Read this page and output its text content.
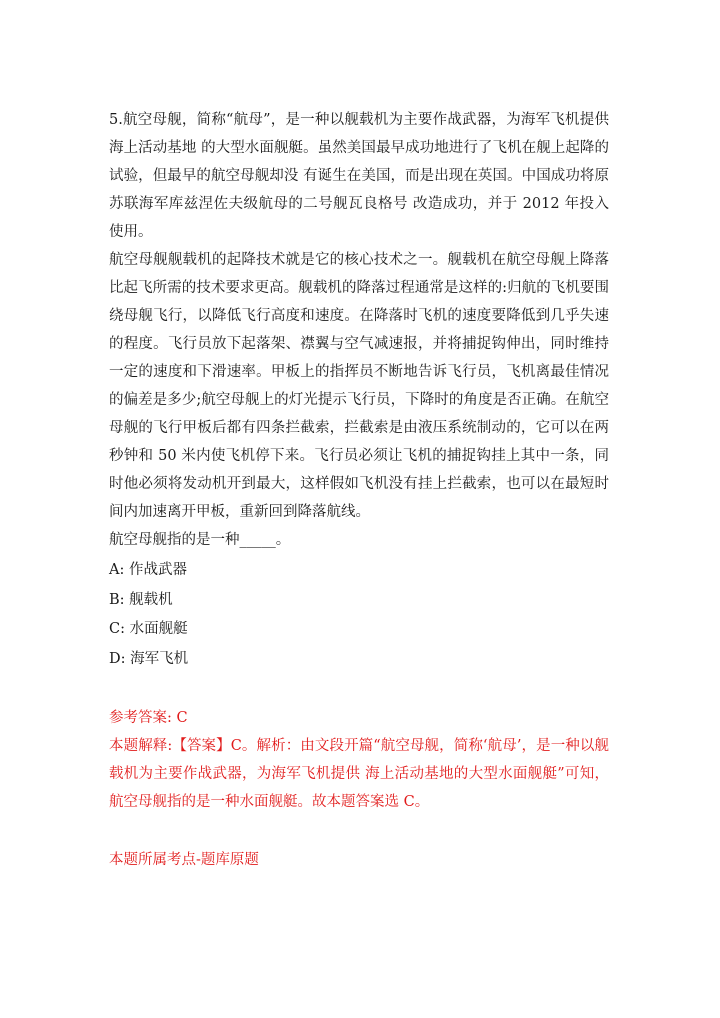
5.航空母舰，简称“航母”，是一种以舰载机为主要作战武器，为海军飞机提供海上活动基地 的大型水面舰艇。虽然美国最早成功地进行了飞机在舰上起降的试验，但最早的航空母舰却没 有诞生在美国，而是出现在英国。中国成功将原苏联海军库兹涅佐夫级航母的二号舰瓦良格号 改造成功，并于 2012 年投入使用。

航空母舰舰载机的起降技术就是它的核心技术之一。舰载机在航空母舰上降落比起飞所需的技术要求更高。舰载机的降落过程通常是这样的:归航的飞机要围绕母舰飞行，以降低飞行高度和速度。在降落时飞机的速度要降低到几乎失速的程度。飞行员放下起落架、襟翼与空气减速报，并将捕捉钩伸出，同时维持一定的速度和下滑速率。甲板上的指挥员不断地告诉飞行员，飞机离最佳情况的偏差是多少;航空母舰上的灯光提示飞行员，下降时的角度是否正确。在航空母舰的飞行甲板后都有四条拦截索，拦截索是由液压系统制动的，它可以在两秒钟和 50 米内使飞机停下来。飞行员必须让飞机的捕捉钩挂上其中一条，同时他必须将发动机开到最大，这样假如飞机没有挂上拦截索，也可以在最短时间内加速离开甲板，重新回到降落航线。

航空母舰指的是一种_____。

A: 作战武器

B: 舰载机

C: 水面舰艇

D: 海军飞机

参考答案: C

本题解释:【答案】C。解析：由文段开篇“航空母舰，简称‘航母’，是一种以舰载机为主要作战武器，为海军飞机提供 海上活动基地的大型水面舰艇”可知，航空母舰指的是一种水面舰艇。故本题答案选 C。

本题所属考点-题库原题
